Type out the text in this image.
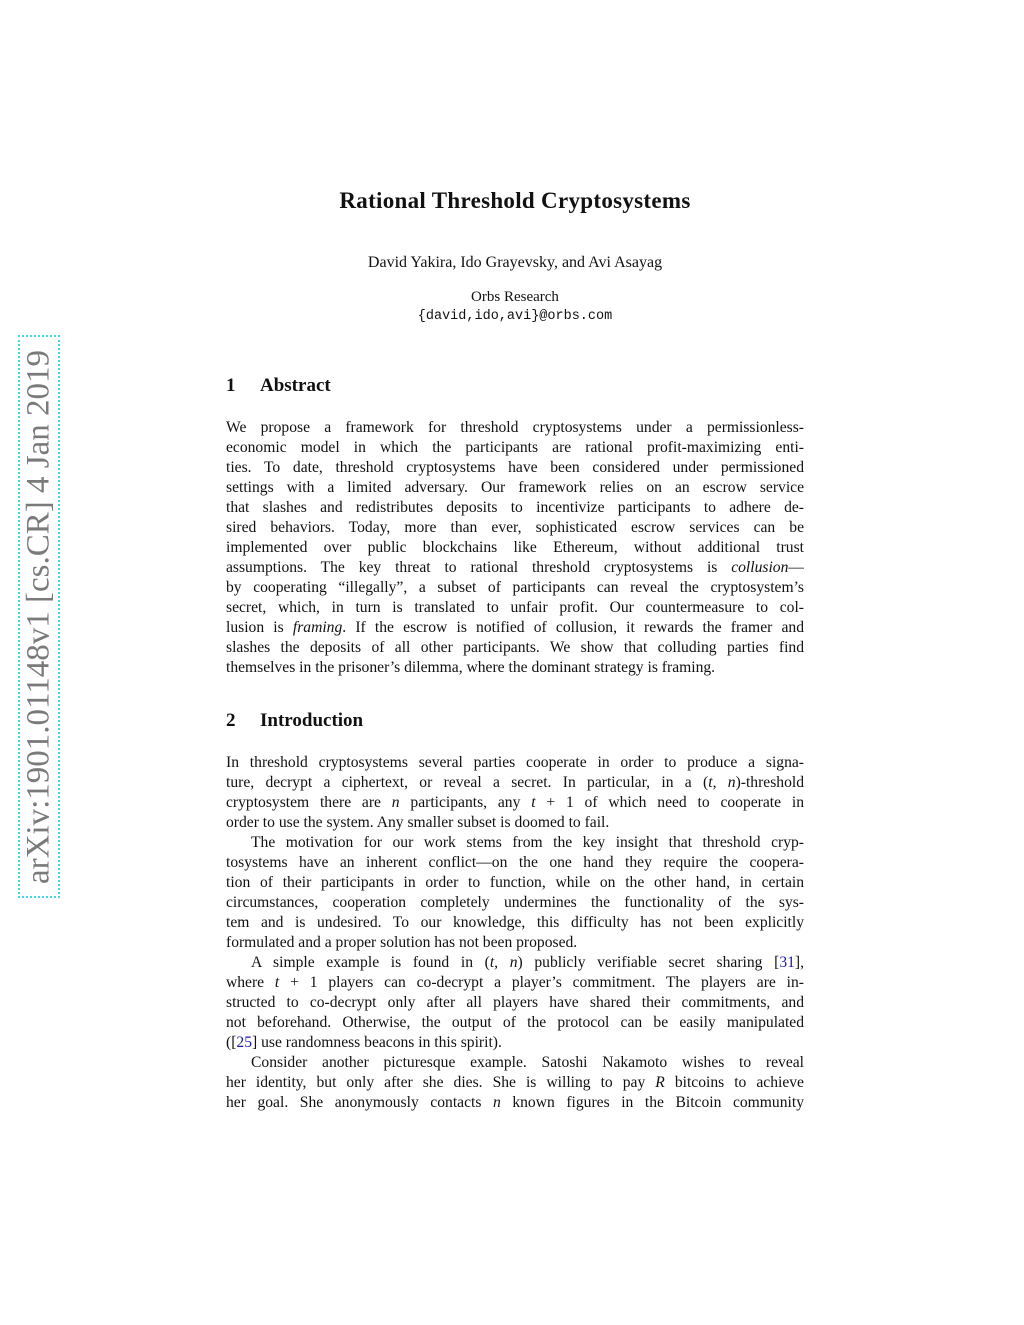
arXiv:1901.01148v1 [cs.CR] 4 Jan 2019
Rational Threshold Cryptosystems
David Yakira, Ido Grayevsky, and Avi Asayag
Orbs Research
{david,ido,avi}@orbs.com
1 Abstract
We propose a framework for threshold cryptosystems under a permissionless-
economic model in which the participants are rational profit-maximizing enti-
ties. To date, threshold cryptosystems have been considered under permissioned
settings with a limited adversary. Our framework relies on an escrow service
that slashes and redistributes deposits to incentivize participants to adhere de-
sired behaviors. Today, more than ever, sophisticated escrow services can be
implemented over public blockchains like Ethereum, without additional trust
assumptions. The key threat to rational threshold cryptosystems is collusion—
by cooperating “illegally”, a subset of participants can reveal the cryptosystem’s
secret, which, in turn is translated to unfair profit. Our countermeasure to col-
lusion is framing. If the escrow is notified of collusion, it rewards the framer and
slashes the deposits of all other participants. We show that colluding parties find
themselves in the prisoner’s dilemma, where the dominant strategy is framing.
2 Introduction
In threshold cryptosystems several parties cooperate in order to produce a signa-
ture, decrypt a ciphertext, or reveal a secret. In particular, in a (t, n)-threshold
cryptosystem there are n participants, any t + 1 of which need to cooperate in
order to use the system. Any smaller subset is doomed to fail.
The motivation for our work stems from the key insight that threshold cryp-
tosystems have an inherent conflict—on the one hand they require the coopera-
tion of their participants in order to function, while on the other hand, in certain
circumstances, cooperation completely undermines the functionality of the sys-
tem and is undesired. To our knowledge, this difficulty has not been explicitly
formulated and a proper solution has not been proposed.
A simple example is found in (t, n) publicly verifiable secret sharing [31],
where t + 1 players can co-decrypt a player’s commitment. The players are in-
structed to co-decrypt only after all players have shared their commitments, and
not beforehand. Otherwise, the output of the protocol can be easily manipulated
([25] use randomness beacons in this spirit).
Consider another picturesque example. Satoshi Nakamoto wishes to reveal
her identity, but only after she dies. She is willing to pay R bitcoins to achieve
her goal. She anonymously contacts n known figures in the Bitcoin community
